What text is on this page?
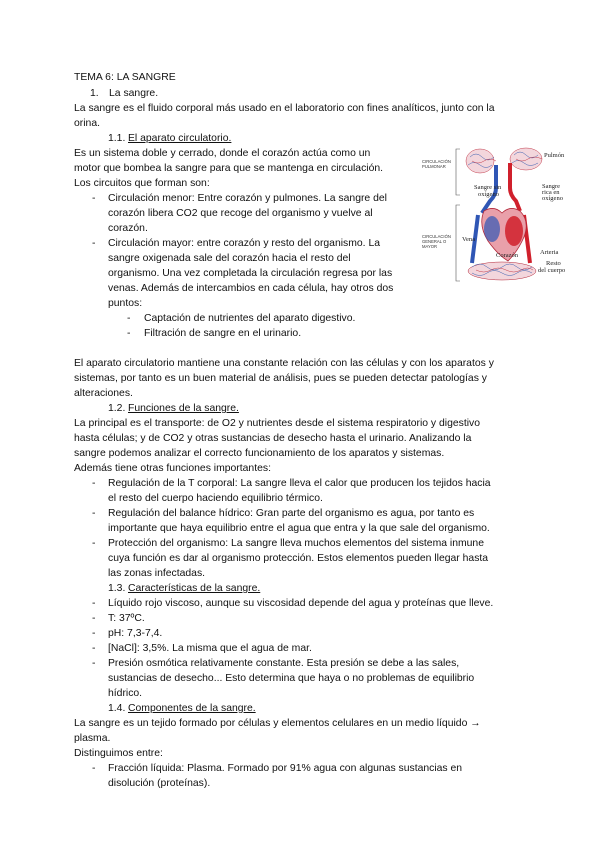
TEMA 6: LA SANGRE
1. La sangre.
La sangre es el fluido corporal más usado en el laboratorio con fines analíticos, junto con la
orina.
1.1. El aparato circulatorio.
Es un sistema doble y cerrado, donde el corazón actúa como un
motor que bombea la sangre para que se mantenga en circulación.
Los circuitos que forman son:
- Circulación menor: Entre corazón y pulmones. La sangre del
corazón libera CO2 que recoge del organismo y vuelve al
corazón.
- Circulación mayor: entre corazón y resto del organismo. La
sangre oxigenada sale del corazón hacia el resto del
organismo. Una vez completada la circulación regresa por las
venas. Además de intercambios en cada célula, hay otros dos
puntos:
- Captación de nutrientes del aparato digestivo.
- Filtración de sangre en el urinario.
El aparato circulatorio mantiene una constante relación con las células y con los aparatos y
sistemas, por tanto es un buen material de análisis, pues se pueden detectar patologías y
alteraciones.
1.2. Funciones de la sangre.
La principal es el transporte: de O2 y nutrientes desde el sistema respiratorio y digestivo
hasta células; y de CO2 y otras sustancias de desecho hasta el urinario. Analizando la
sangre podemos analizar el correcto funcionamiento de los aparatos y sistemas.
Además tiene otras funciones importantes:
- Regulación de la T corporal: La sangre lleva el calor que producen los tejidos hacia
el resto del cuerpo haciendo equilibrio térmico.
- Regulación del balance hídrico: Gran parte del organismo es agua, por tanto es
importante que haya equilibrio entre el agua que entra y la que sale del organismo.
- Protección del organismo: La sangre lleva muchos elementos del sistema inmune
cuya función es dar al organismo protección. Estos elementos pueden llegar hasta
las zonas infectadas.
1.3. Características de la sangre.
- Líquido rojo viscoso, aunque su viscosidad depende del agua y proteínas que lleve.
- T: 37ºC.
- pH: 7,3-7,4.
- [NaCl]: 3,5%. La misma que el agua de mar.
- Presión osmótica relativamente constante. Esta presión se debe a las sales,
sustancias de desecho... Esto determina que haya o no problemas de equilibrio
hídrico.
1.4. Componentes de la sangre.
La sangre es un tejido formado por células y elementos celulares en un medio líquido →
plasma.
Distinguimos entre:
- Fracción líquida: Plasma. Formado por 91% agua con algunas sustancias en
disolución (proteínas).
CIRCULACIÓN
PULMONAR
CIRCULACIÓN
GENERAL O
MAYOR
Pulmón
Sangre sin
oxígeno
Sangre
rica en
oxígeno
Vena
Corazón	Arteria
Resto
del cuerpo
